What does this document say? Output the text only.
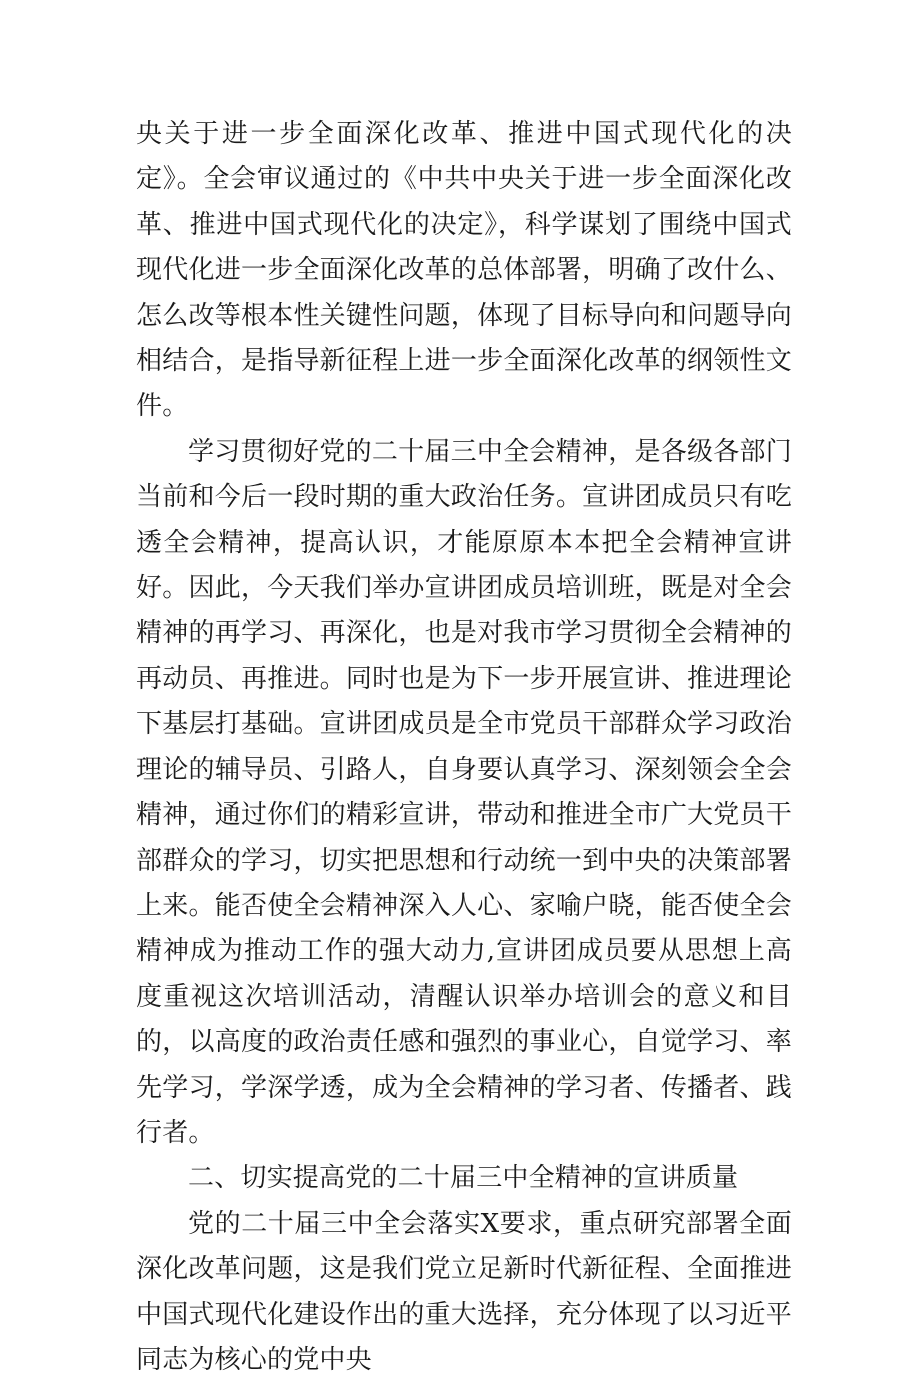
央关于进一步全面深化改革、推进中国式现代化的决定》。全会审议通过的《中共中央关于进一步全面深化改革、推进中国式现代化的决定》，科学谋划了围绕中国式现代化进一步全面深化改革的总体部署，明确了改什么、怎么改等根本性关键性问题，体现了目标导向和问题导向相结合，是指导新征程上进一步全面深化改革的纲领性文件。

学习贯彻好党的二十届三中全会精神，是各级各部门当前和今后一段时期的重大政治任务。宣讲团成员只有吃透全会精神，提高认识，才能原原本本把全会精神宣讲好。因此，今天我们举办宣讲团成员培训班，既是对全会精神的再学习、再深化，也是对我市学习贯彻全会精神的再动员、再推进。同时也是为下一步开展宣讲、推进理论下基层打基础。宣讲团成员是全市党员干部群众学习政治理论的辅导员、引路人，自身要认真学习、深刻领会全会精神，通过你们的精彩宣讲，带动和推进全市广大党员干部群众的学习，切实把思想和行动统一到中央的决策部署上来。能否使全会精神深入人心、家喻户晓，能否使全会精神成为推动工作的强大动力,宣讲团成员要从思想上高度重视这次培训活动，清醒认识举办培训会的意义和目的，以高度的政治责任感和强烈的事业心，自觉学习、率先学习，学深学透，成为全会精神的学习者、传播者、践行者。

二、切实提高党的二十届三中全精神的宣讲质量

党的二十届三中全会落实X要求，重点研究部署全面深化改革问题，这是我们党立足新时代新征程、全面推进中国式现代化建设作出的重大选择，充分体现了以习近平同志为核心的党中央
